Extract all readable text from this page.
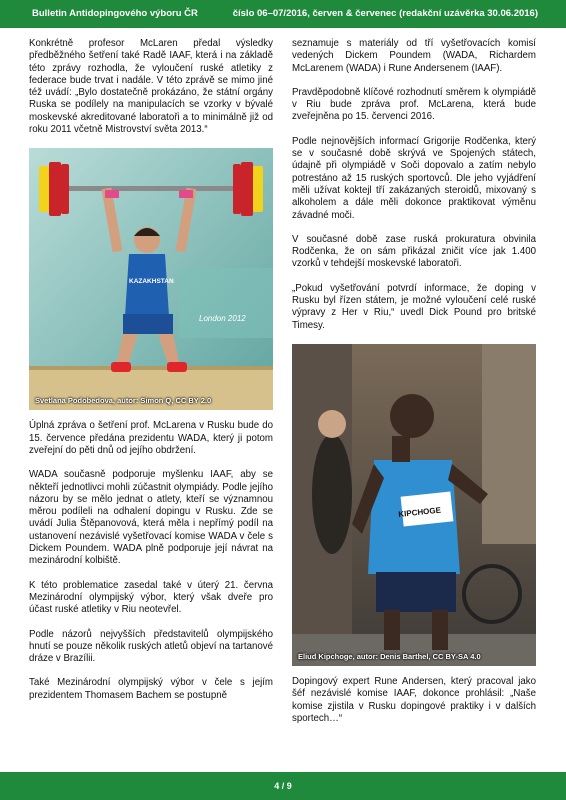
Bulletin Antidopingového výboru ČR	číslo 06–07/2016, červen & červenec (redakční uzávěrka 30.06.2016)

Konkrétně profesor McLaren předal výsledky předběžného šetření také Radě IAAF, která i na základě této zprávy rozhodla, že vyloučení ruské atletiky z federace bude trvat i nadále. V této zprávě se mimo jiné též uvádí: „Bylo dostatečně prokázáno, že státní orgány Ruska se podílely na manipulacích se vzorky v bývalé moskevské akreditované laboratoři a to minimálně již od roku 2011 včetně Mistrovství světa 2013.“

London 2012
KAZAKHSTAN
Svetlana Podobedova, autor: Simon Q, CC BY 2.0

Úplná zpráva o šetření prof. McLarena v Rusku bude do 15. července předána prezidentu WADA, který ji potom zveřejní do pěti dnů od jejího obdržení.

WADA současně podporuje myšlenku IAAF, aby se někteří jednotlivci mohli zúčastnit olympiády. Podle jejího názoru by se mělo jednat o atlety, kteří se významnou měrou podíleli na odhalení dopingu v Rusku. Zde se uvádí Julia Štěpanovová, která měla i nepřímý podíl na ustanovení nezávislé vyšetřovací komise WADA v čele s Dickem Poundem. WADA plně podporuje její návrat na mezinárodní kolbiště.

K této problematice zasedal také v úterý 21. června Mezinárodní olympijský výbor, který však dveře pro účast ruské atletiky v Riu neotevřel.

Podle názorů nejvyšších představitelů olympijského hnutí se pouze několik ruských atletů objeví na tartanové dráze v Brazílii.

Také Mezinárodní olympijský výbor v čele s jejím prezidentem Thomasem Bachem se postupně

seznamuje s materiály od tří vyšetřovacích komisí vedených Dickem Poundem (WADA, Richardem McLarenem (WADA) i Rune Andersenem (IAAF).

Pravděpodobně klíčové rozhodnutí směrem k olympiádě v Riu bude zpráva prof. McLarena, která bude zveřejněna po 15. červenci 2016.

Podle nejnovějších informací Grigorije Rodčenka, který se v současné době skrývá ve Spojených státech, údajně při olympiádě v Soči dopovalo a zatím nebylo potrestáno až 15 ruských sportovců. Dle jeho vyjádření měli užívat koktejl tří zakázaných steroidů, mixovaný s alkoholem a dále měli dokonce praktikovat výměnu závadné moči.

V současné době zase ruská prokuratura obvinila Rodčenka, že on sám přikázal zničit více jak 1.400 vzorků v tehdejší moskevské laboratoři.

„Pokud vyšetřování potvrdí informace, že doping v Rusku byl řízen státem, je možné vyloučení celé ruské výpravy z Her v Riu,“ uvedl Dick Pound pro britské Timesy.

KIPCHOGE
Eliud Kipchoge, autor: Denis Barthel, CC BY-SA 4.0

Dopingový expert Rune Andersen, který pracoval jako šéf nezávislé komise IAAF, dokonce prohlásil: „Naše komise zjistila v Rusku dopingové praktiky i v dalších sportech…“

4 / 9
